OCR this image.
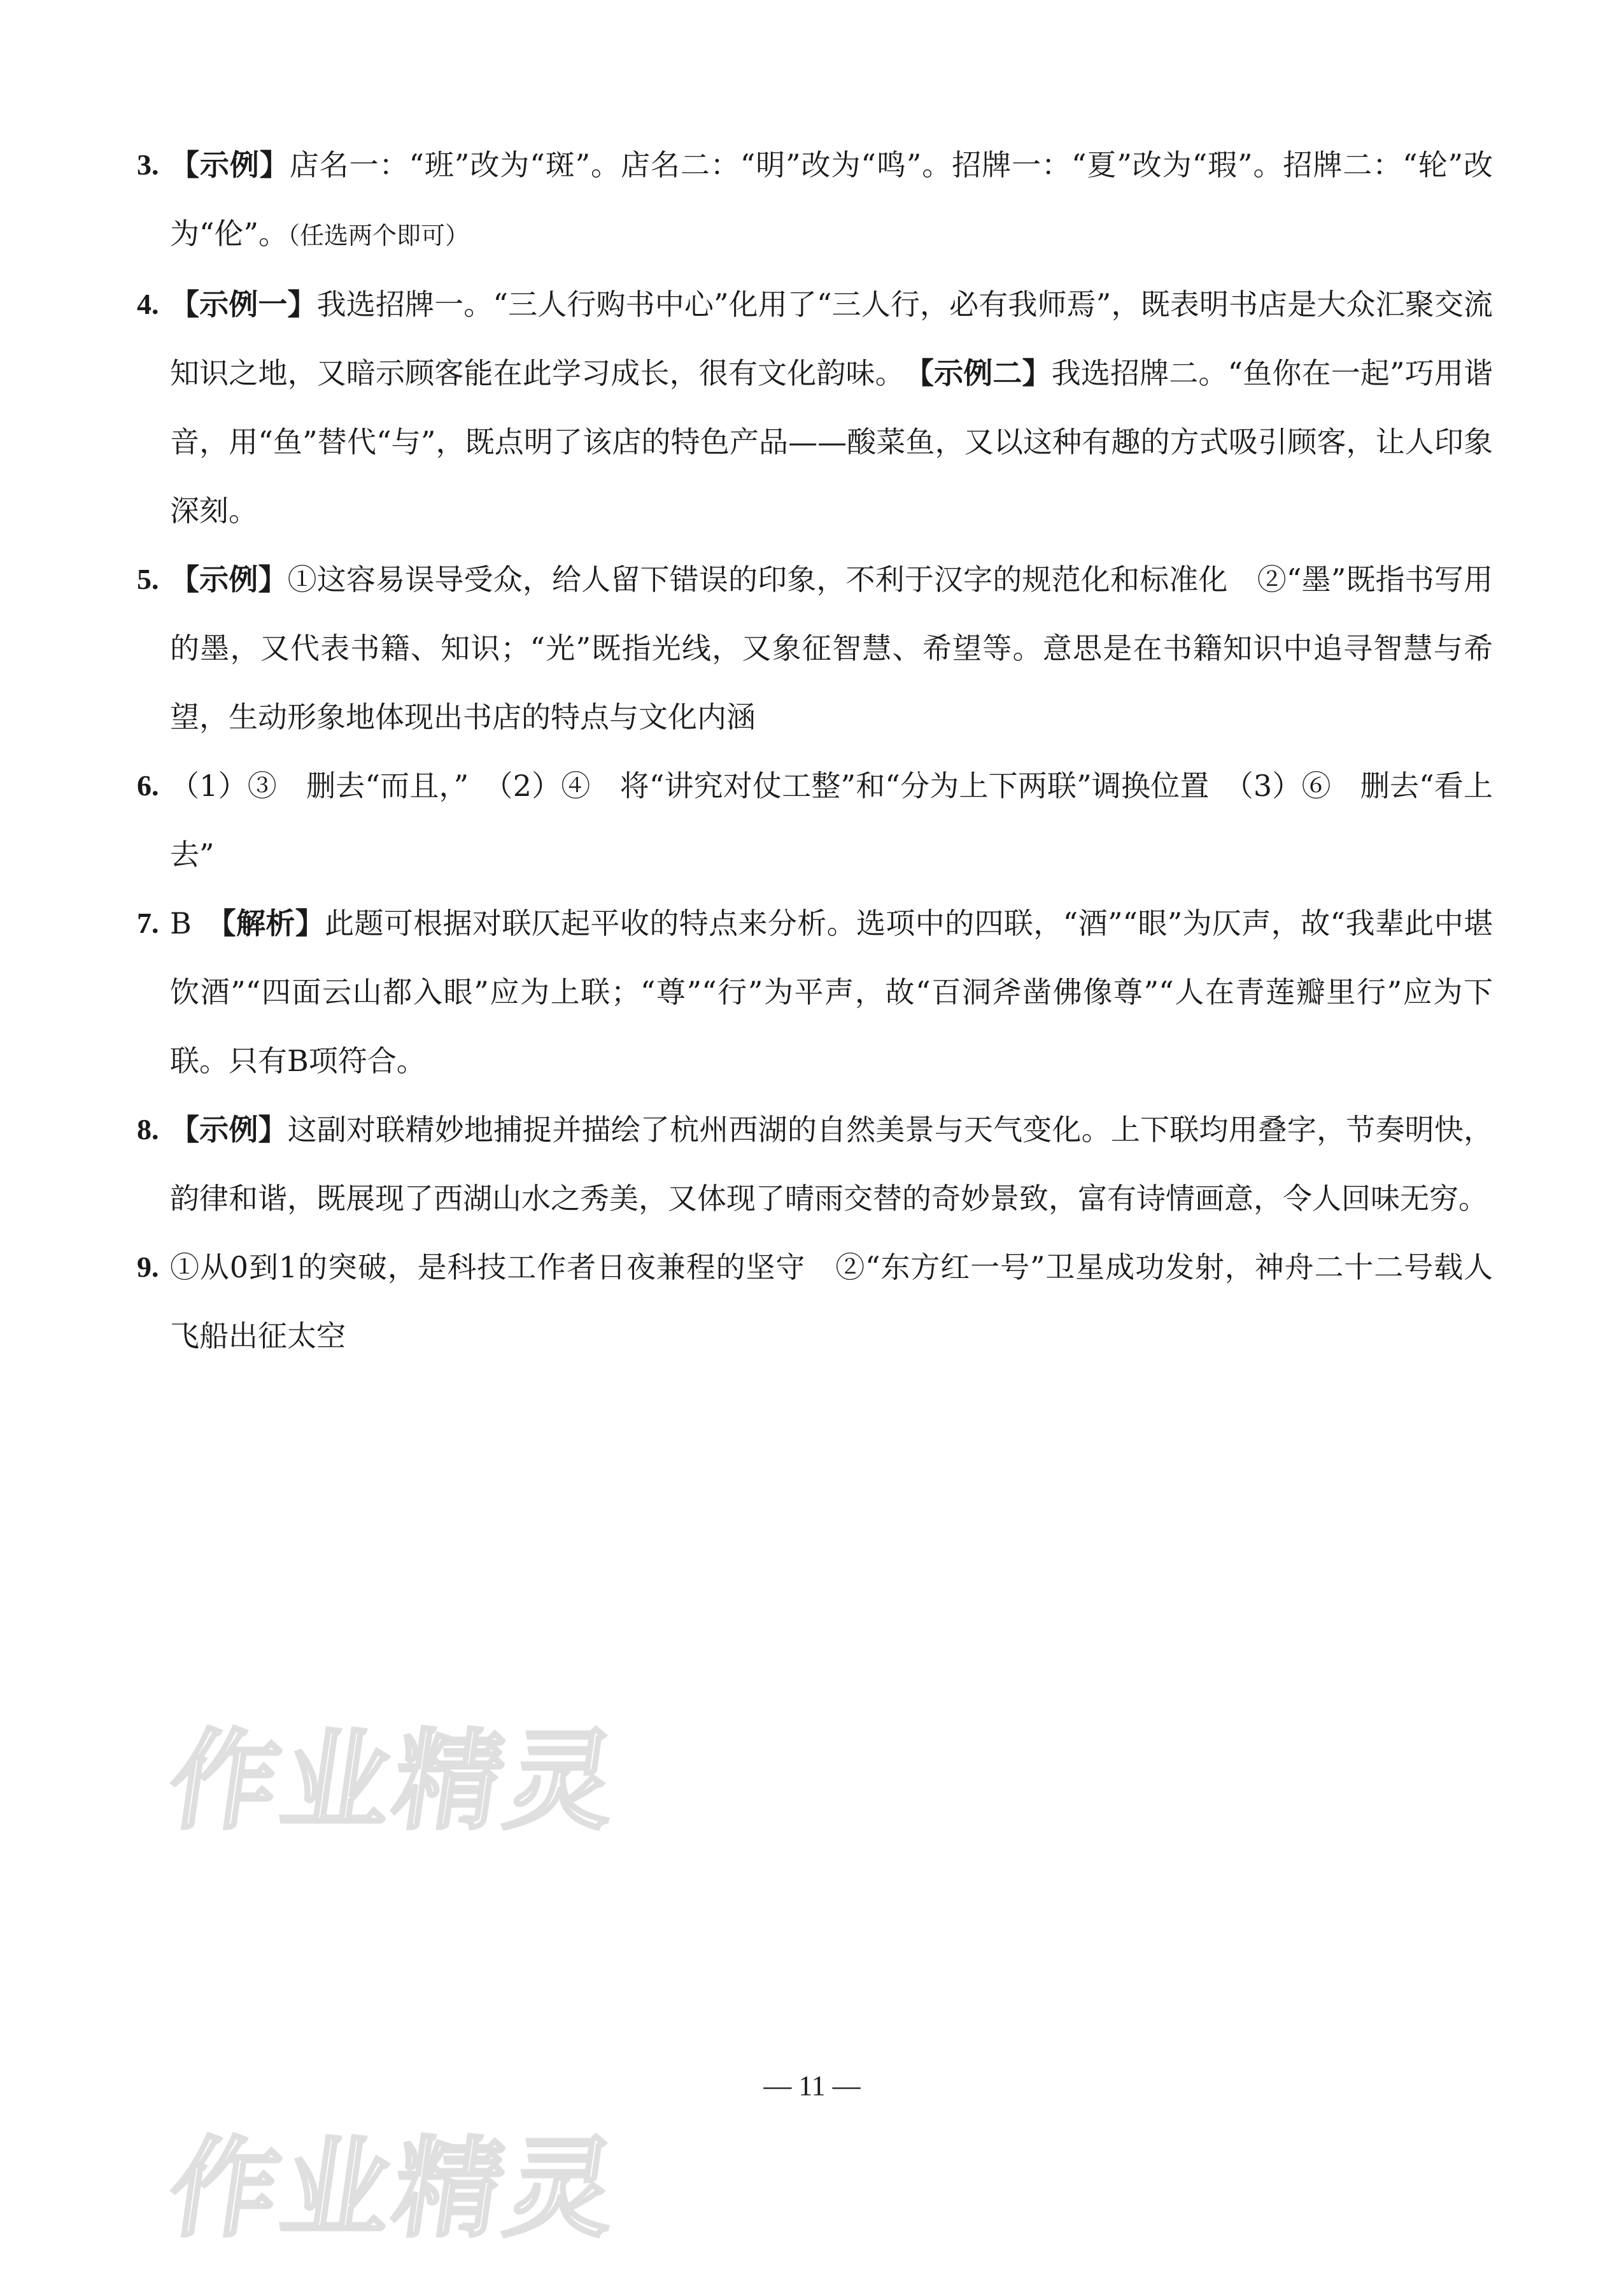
3. 【示例】店名一：“班”改为“斑”。店名二：“明”改为“鸣”。招牌一：“夏”改为“瑕”。招牌二：“轮”改为“伦”。（任选两个即可）

4. 【示例一】我选招牌一。“三人行购书中心”化用了“三人行，必有我师焉”，既表明书店是大众汇聚交流知识之地，又暗示顾客能在此学习成长，很有文化韵味。　 【示例二】我选招牌二。“鱼你在一起”巧用谐音，用“鱼”替代“与”，既点明了该店的特色产品——酸菜鱼，又以这种有趣的方式吸引顾客，让人印象深刻。

5. 【示例】①这容易误导受众，给人留下错误的印象，不利于汉字的规范化和标准化　②“墨”既指书写用的墨，又代表书籍、知识；“光”既指光线，又象征智慧、希望等。意思是在书籍知识中追寻智慧与希望，生动形象地体现出书店的特点与文化内涵

6. （1）③　删去“而且，”　（2）④　将“讲究对仗工整”和“分为上下两联”调换位置　（3）⑥　删去“看上去”

7. B　【解析】此题可根据对联仄起平收的特点来分析。选项中的四联，“酒”“眼”为仄声，故“我辈此中堪饮酒”“四面云山都入眼”应为上联；“尊”“行”为平声，故“百洞斧凿佛像尊”“人在青莲瓣里行”应为下联。只有B项符合。

8. 【示例】这副对联精妙地捕捉并描绘了杭州西湖的自然美景与天气变化。上下联均用叠字，节奏明快，韵律和谐，既展现了西湖山水之秀美，又体现了晴雨交替的奇妙景致，富有诗情画意，令人回味无穷。

9. ①从0到1的突破，是科技工作者日夜兼程的坚守　②“东方红一号”卫星成功发射，神舟二十二号载人飞船出征太空

作业精灵
— 11 —
作业精灵
